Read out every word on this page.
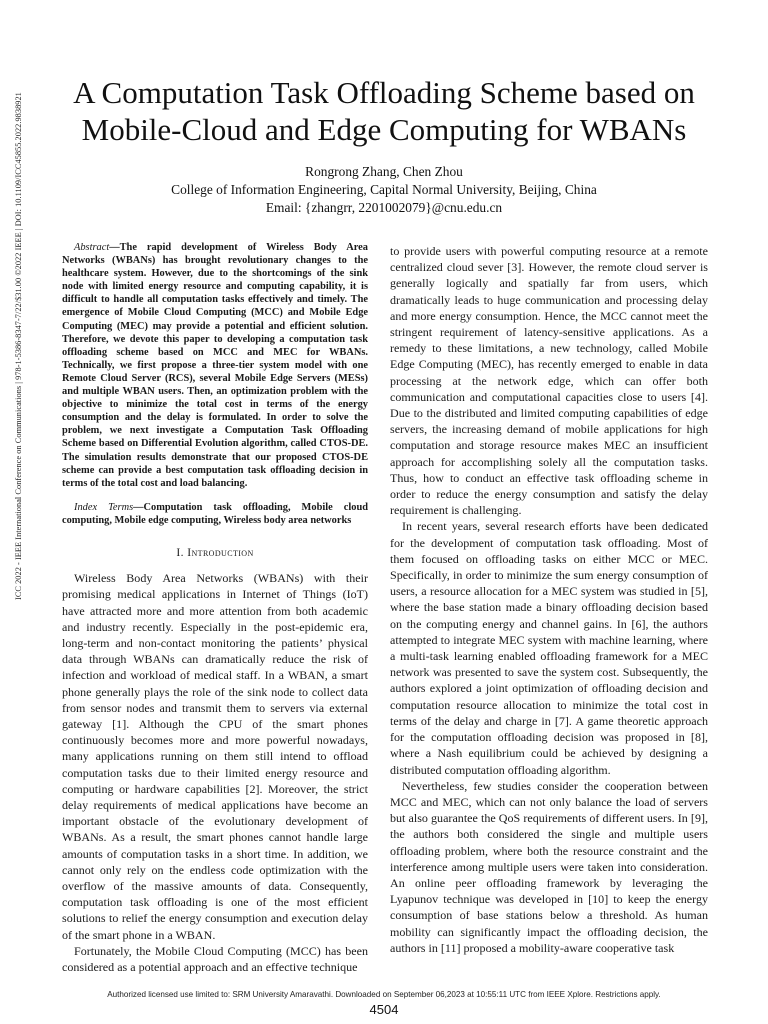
ICC 2022 - IEEE International Conference on Communications | 978-1-5386-8347-7/22/$31.00 ©2022 IEEE | DOI: 10.1109/ICC45855.2022.9838921	A Computation Task Offloading Scheme based on
Mobile-Cloud and Edge Computing for WBANs
Rongrong Zhang, Chen Zhou
College of Information Engineering, Capital Normal University, Beijing, China
Email: {zhangrr, 2201002079}@cnu.edu.cn

Abstract—The rapid development of Wireless Body Area Networks (WBANs) has brought revolutionary changes to the healthcare system. However, due to the shortcomings of the sink node with limited energy resource and computing capability, it is difficult to handle all computation tasks effectively and timely. The emergence of Mobile Cloud Computing (MCC) and Mobile Edge Computing (MEC) may provide a potential and efficient solution. Therefore, we devote this paper to developing a computation task offloading scheme based on MCC and MEC for WBANs. Technically, we first propose a three-tier system model with one Remote Cloud Server (RCS), several Mobile Edge Servers (MESs) and multiple WBAN users. Then, an optimization problem with the objective to minimize the total cost in terms of the energy consumption and the delay is formulated. In order to solve the problem, we next investigate a Computation Task Offloading Scheme based on Differential Evolution algorithm, called CTOS-DE. The simulation results demonstrate that our proposed CTOS-DE scheme can provide a best computation task offloading decision in terms of the total cost and load balancing.

Index Terms—Computation task offloading, Mobile cloud computing, Mobile edge computing, Wireless body area networks

I. Introduction

Wireless Body Area Networks (WBANs) with their promising medical applications in Internet of Things (IoT) have attracted more and more attention from both academic and industry recently. Especially in the post-epidemic era, long-term and non-contact monitoring the patients’ physical data through WBANs can dramatically reduce the risk of infection and workload of medical staff. In a WBAN, a smart phone generally plays the role of the sink node to collect data from sensor nodes and transmit them to servers via external gateway [1]. Although the CPU of the smart phones continuously becomes more and more powerful nowadays, many applications running on them still intend to offload computation tasks due to their limited energy resource and computing or hardware capabilities [2]. Moreover, the strict delay requirements of medical applications have become an important obstacle of the evolutionary development of WBANs. As a result, the smart phones cannot handle large amounts of computation tasks in a short time. In addition, we cannot only rely on the endless code optimization with the overflow of the massive amounts of data. Consequently, computation task offloading is one of the most efficient solutions to relief the energy consumption and execution delay of the smart phone in a WBAN.

Fortunately, the Mobile Cloud Computing (MCC) has been considered as a potential approach and an effective technique

to provide users with powerful computing resource at a remote centralized cloud sever [3]. However, the remote cloud server is generally logically and spatially far from users, which dramatically leads to huge communication and processing delay and more energy consumption. Hence, the MCC cannot meet the stringent requirement of latency-sensitive applications. As a remedy to these limitations, a new technology, called Mobile Edge Computing (MEC), has recently emerged to enable in data processing at the network edge, which can offer both communication and computational capacities close to users [4]. Due to the distributed and limited computing capabilities of edge servers, the increasing demand of mobile applications for high computation and storage resource makes MEC an insufficient approach for accomplishing solely all the computation tasks. Thus, how to conduct an effective task offloading scheme in order to reduce the energy consumption and satisfy the delay requirement is challenging.

In recent years, several research efforts have been dedicated for the development of computation task offloading. Most of them focused on offloading tasks on either MCC or MEC. Specifically, in order to minimize the sum energy consumption of users, a resource allocation for a MEC system was studied in [5], where the base station made a binary offloading decision based on the computing energy and channel gains. In [6], the authors attempted to integrate MEC system with machine learning, where a multi-task learning enabled offloading framework for a MEC network was presented to save the system cost. Subsequently, the authors explored a joint optimization of offloading decision and computation resource allocation to minimize the total cost in terms of the delay and charge in [7]. A game theoretic approach for the computation offloading decision was proposed in [8], where a Nash equilibrium could be achieved by designing a distributed computation offloading algorithm.

Nevertheless, few studies consider the cooperation between MCC and MEC, which can not only balance the load of servers but also guarantee the QoS requirements of different users. In [9], the authors both considered the single and multiple users offloading problem, where both the resource constraint and the interference among multiple users were taken into consideration. An online peer offloading framework by leveraging the Lyapunov technique was developed in [10] to keep the energy consumption of base stations below a threshold. As human mobility can significantly impact the offloading decision, the authors in [11] proposed a mobility-aware cooperative task

Authorized licensed use limited to: SRM University Amaravathi. Downloaded on September 06,2023 at 10:55:11 UTC from IEEE Xplore. Restrictions apply.
4504
